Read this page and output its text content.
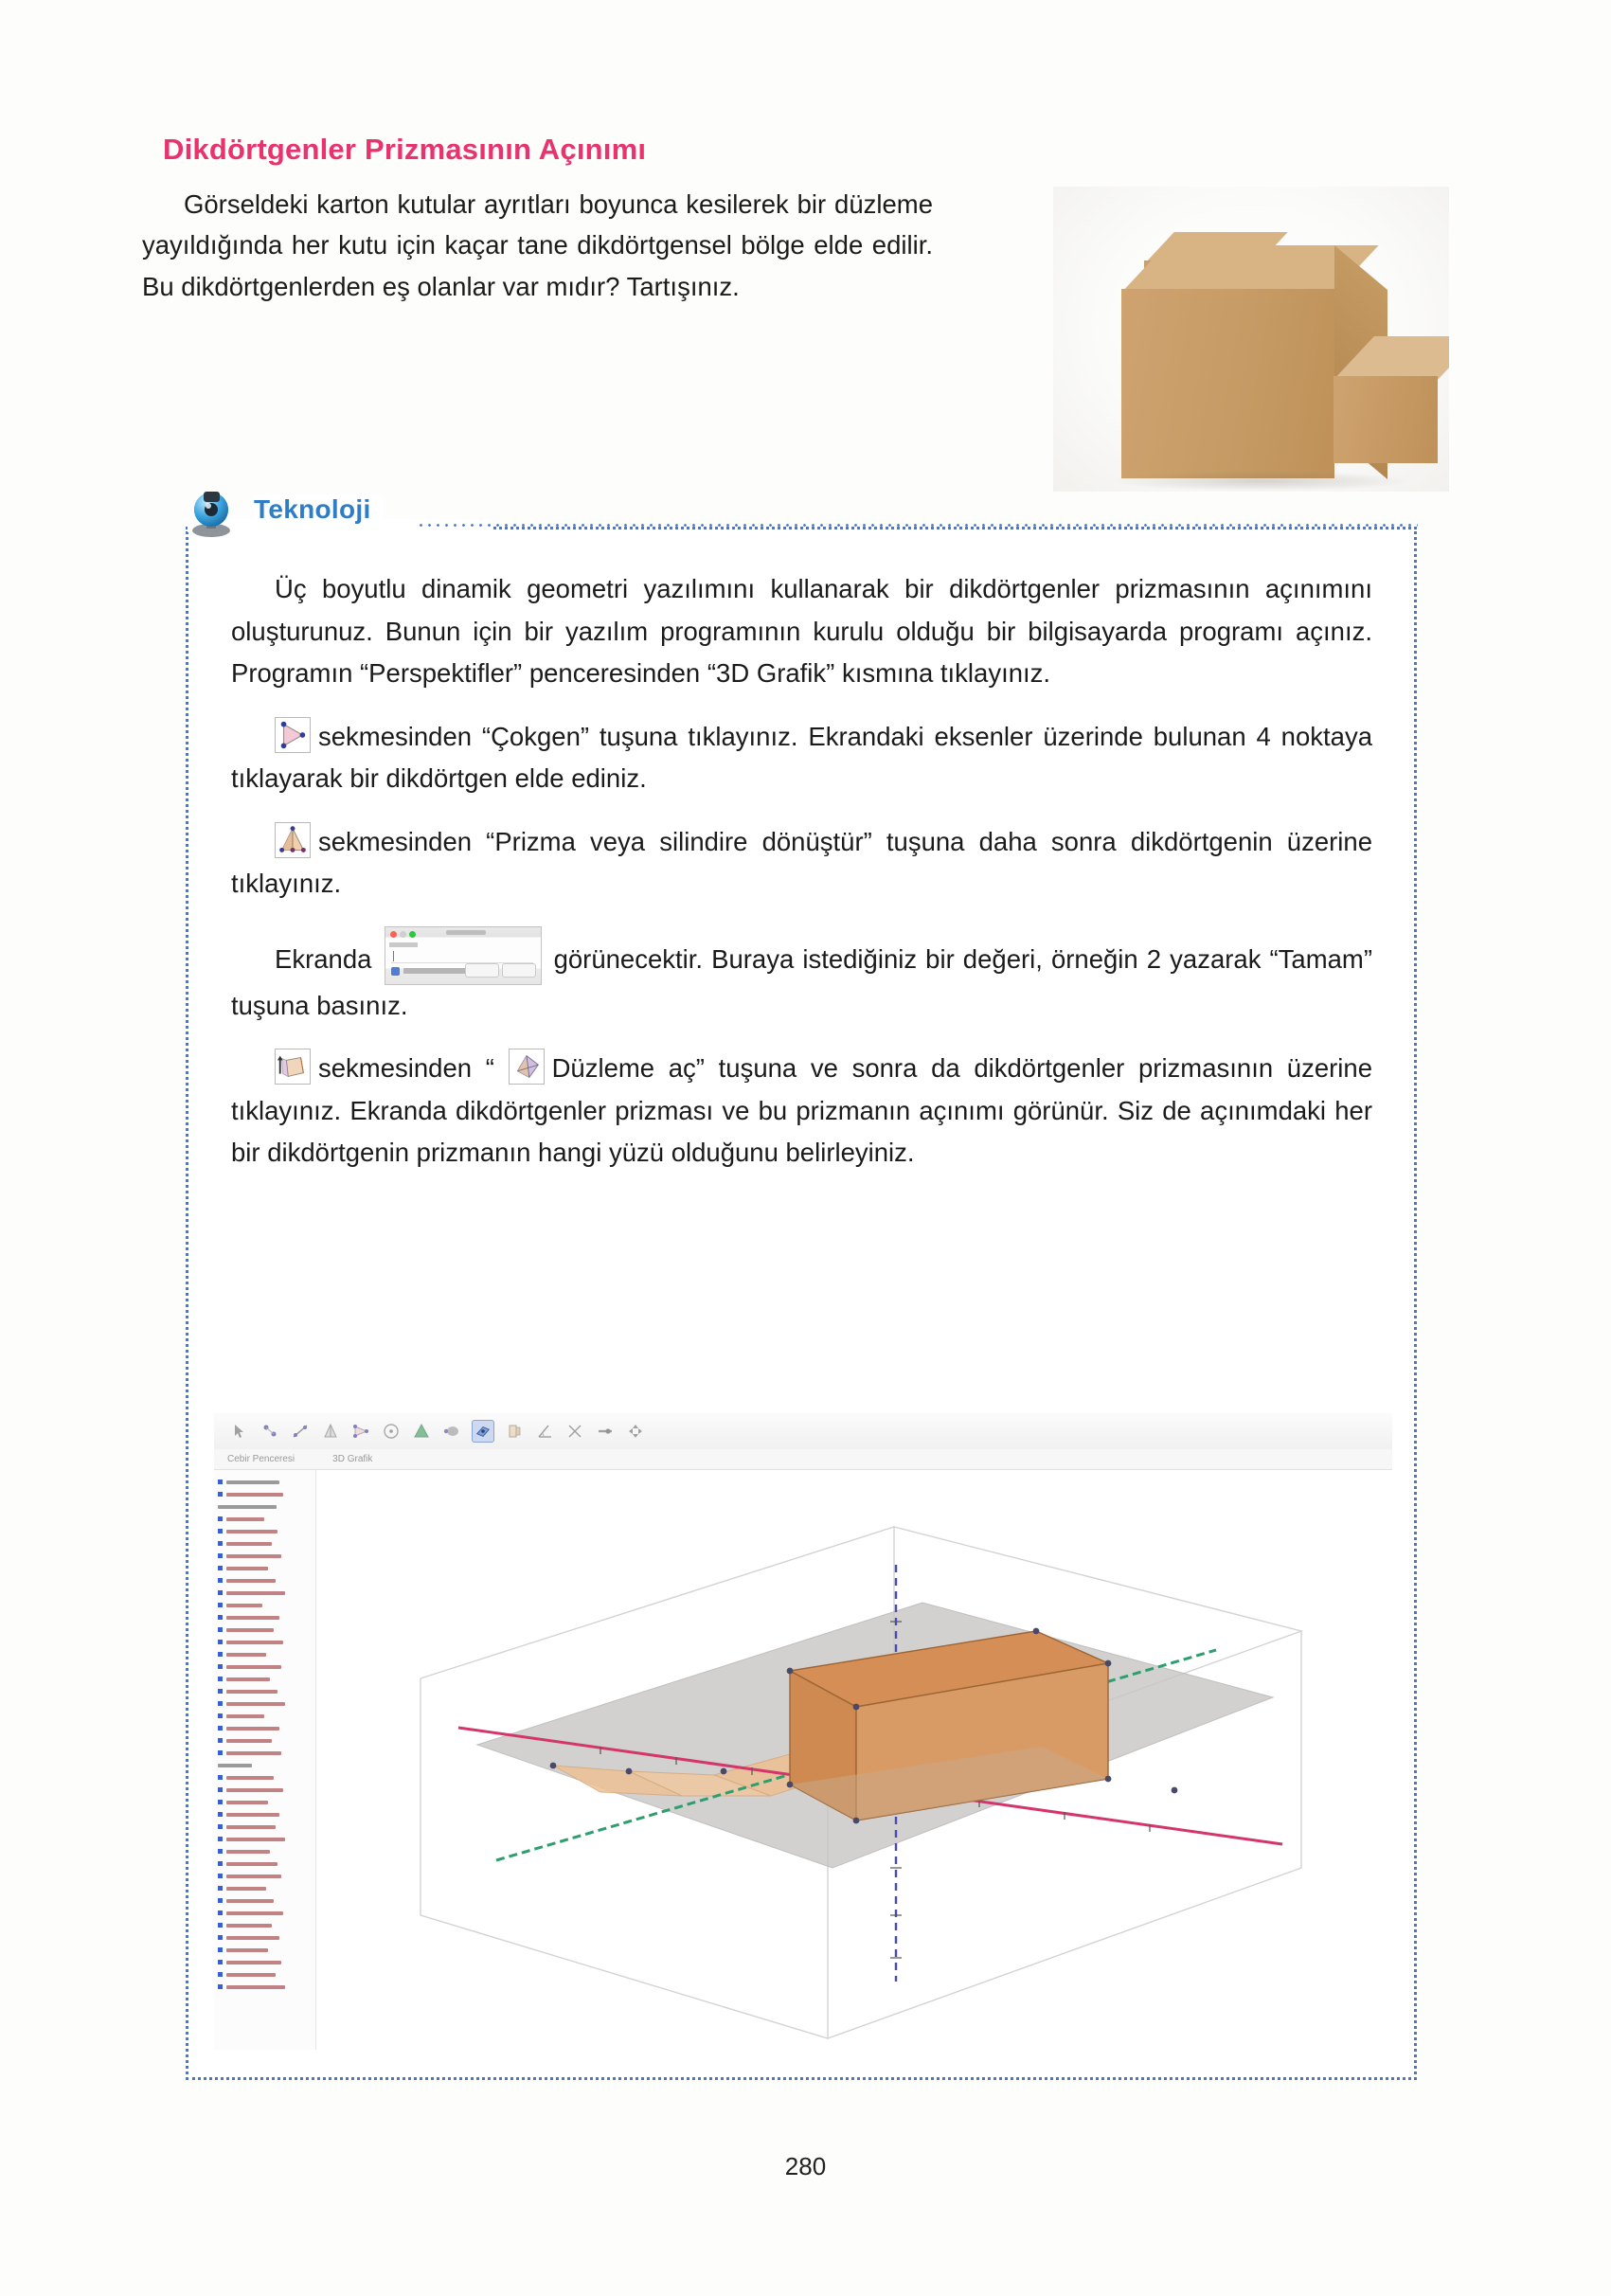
Dikdörtgenler Prizmasının Açınımı

Görseldeki karton kutular ayrıtları boyunca kesilerek bir düzleme yayıldığında her kutu için kaçar tane dikdörtgensel bölge elde edilir. Bu dikdörtgenlerden eş olanlar var mıdır? Tartışınız.

Teknoloji

Üç boyutlu dinamik geometri yazılımını kullanarak bir dikdörtgenler prizmasının açınımını oluşturunuz. Bunun için bir yazılım programının kurulu olduğu bir bilgisayarda programı açınız. Programın “Perspektifler” penceresinden “3D Grafik” kısmına tıklayınız.

sekmesinden “Çokgen” tuşuna tıklayınız. Ekrandaki eksenler üzerinde bulunan 4 noktaya tıklayarak bir dikdörtgen elde ediniz.

sekmesinden “Prizma veya silindire dönüştür” tuşuna daha sonra dikdörtgenin üzerine tıklayınız.

Ekranda	görünecektir. Buraya istediğiniz bir değeri, örneğin 2 yazarak “Tamam” tuşuna basınız.

sekmesinden “ Düzleme aç” tuşuna ve sonra da dikdörtgenler prizmasının üzerine tıklayınız. Ekranda dikdörtgenler prizması ve bu prizmanın açınımı görünür. Siz de açınımdaki her bir dikdörtgenin prizmanın hangi yüzü olduğunu belirleyiniz.

Cebir Penceresi	3D Grafik
280
